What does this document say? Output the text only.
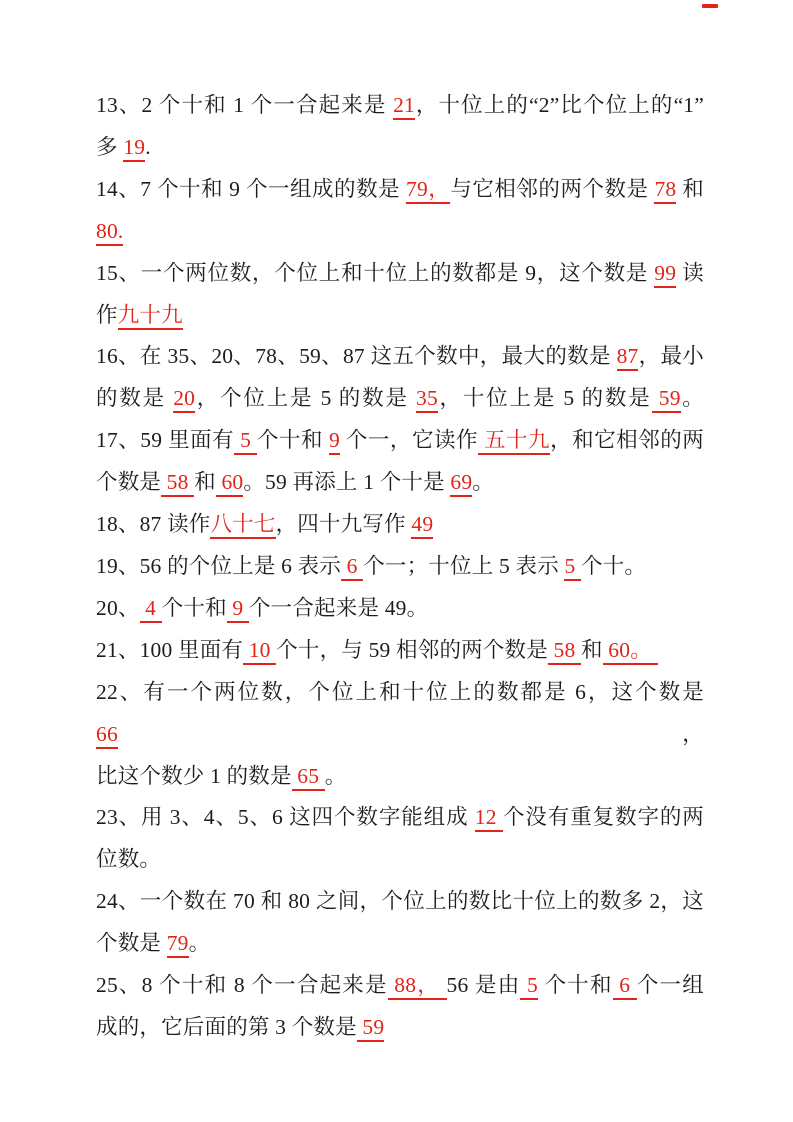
13、2 个十和 1 个一合起来是 21，十位上的“2”比个位上的“1”
多 19.
14、7 个十和 9 个一组成的数是 79，与它相邻的两个数是 78 和
80.
15、一个两位数，个位上和十位上的数都是 9，这个数是 99 读
作九十九
16、在 35、20、78、59、87 这五个数中，最大的数是 87，最小
的数是 20，个位上是 5 的数是 35，十位上是 5 的数是 59。
17、59 里面有 5 个十和 9 个一，它读作 五十九，和它相邻的两
个数是 58 和 60。59 再添上 1 个十是 69。
18、87 读作八十七，四十九写作 49
19、56 的个位上是 6 表示 6 个一；十位上 5 表示 5 个十。
20、 4 个十和 9 个一合起来是 49。
21、100 里面有 10 个十，与 59 相邻的两个数是 58 和 60。
22、有一个两位数，个位上和十位上的数都是 6，这个数是 66，
比这个数少 1 的数是 65 。
23、用 3、4、5、6 这四个数字能组成 12 个没有重复数字的两
位数。
24、一个数在 70 和 80 之间，个位上的数比十位上的数多 2，这
个数是 79。
25、8 个十和 8 个一合起来是 88， 56 是由 5 个十和 6 个一组
成的，它后面的第 3 个数是 59
